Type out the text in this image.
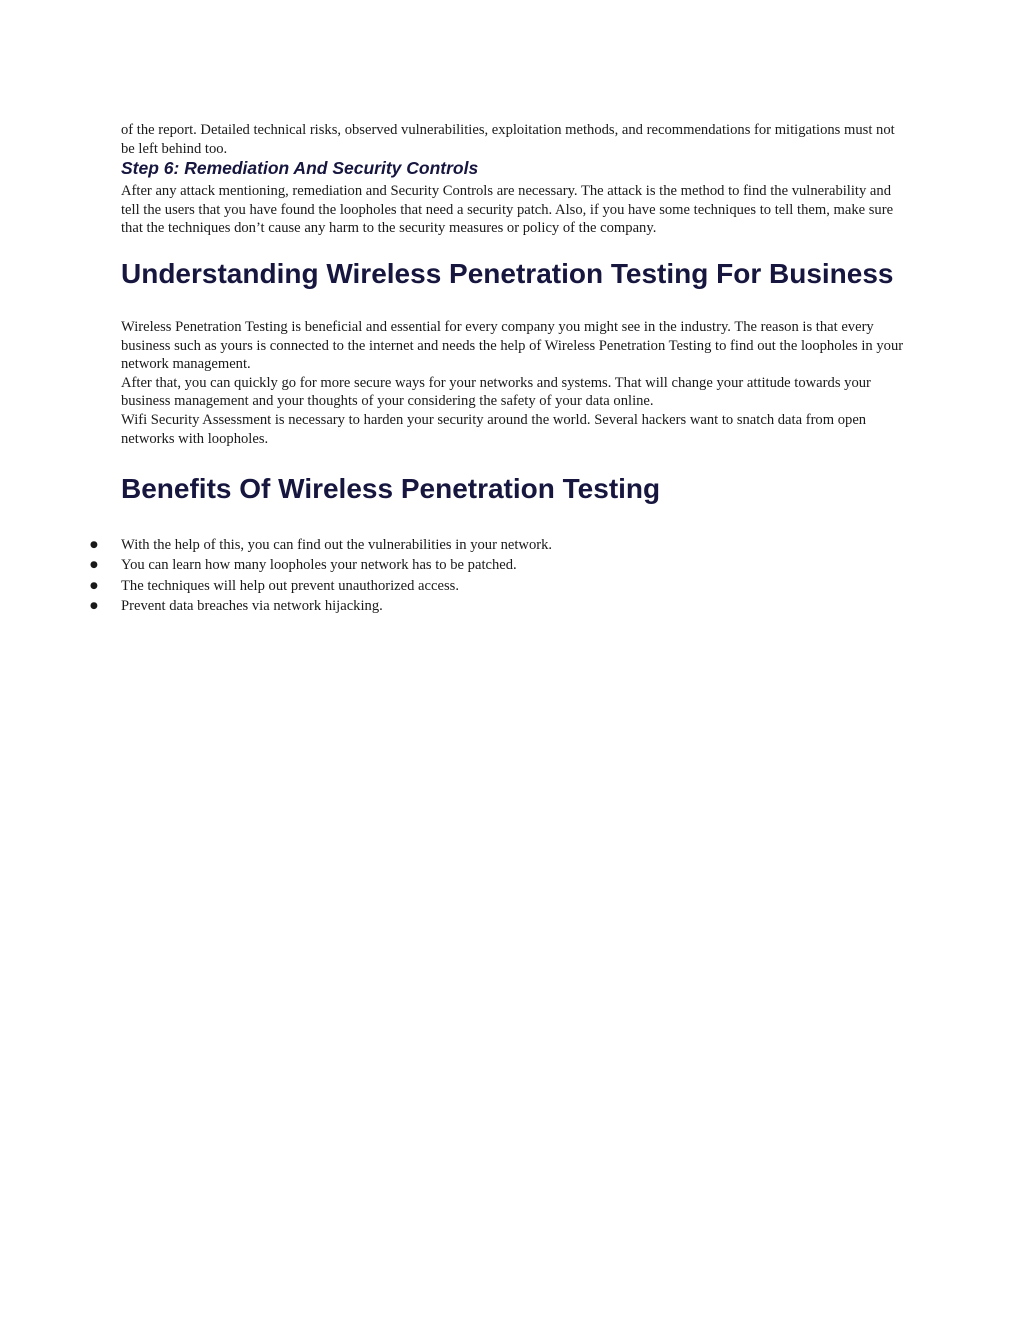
of the report. Detailed technical risks, observed vulnerabilities, exploitation methods, and recommendations for mitigations must not be left behind too.

Step 6: Remediation And Security Controls

After any attack mentioning, remediation and Security Controls are necessary. The attack is the method to find the vulnerability and tell the users that you have found the loopholes that need a security patch. Also, if you have some techniques to tell them, make sure that the techniques don’t cause any harm to the security measures or policy of the company.

Understanding Wireless Penetration Testing For Business

Wireless Penetration Testing is beneficial and essential for every company you might see in the industry. The reason is that every business such as yours is connected to the internet and needs the help of Wireless Penetration Testing to find out the loopholes in your network management.

After that, you can quickly go for more secure ways for your networks and systems. That will change your attitude towards your business management and your thoughts of your considering the safety of your data online.

Wifi Security Assessment is necessary to harden your security around the world. Several hackers want to snatch data from open networks with loopholes.

Benefits Of Wireless Penetration Testing
●	With the help of this, you can find out the vulnerabilities in your network.
●	You can learn how many loopholes your network has to be patched.
●	The techniques will help out prevent unauthorized access.
●	Prevent data breaches via network hijacking.
